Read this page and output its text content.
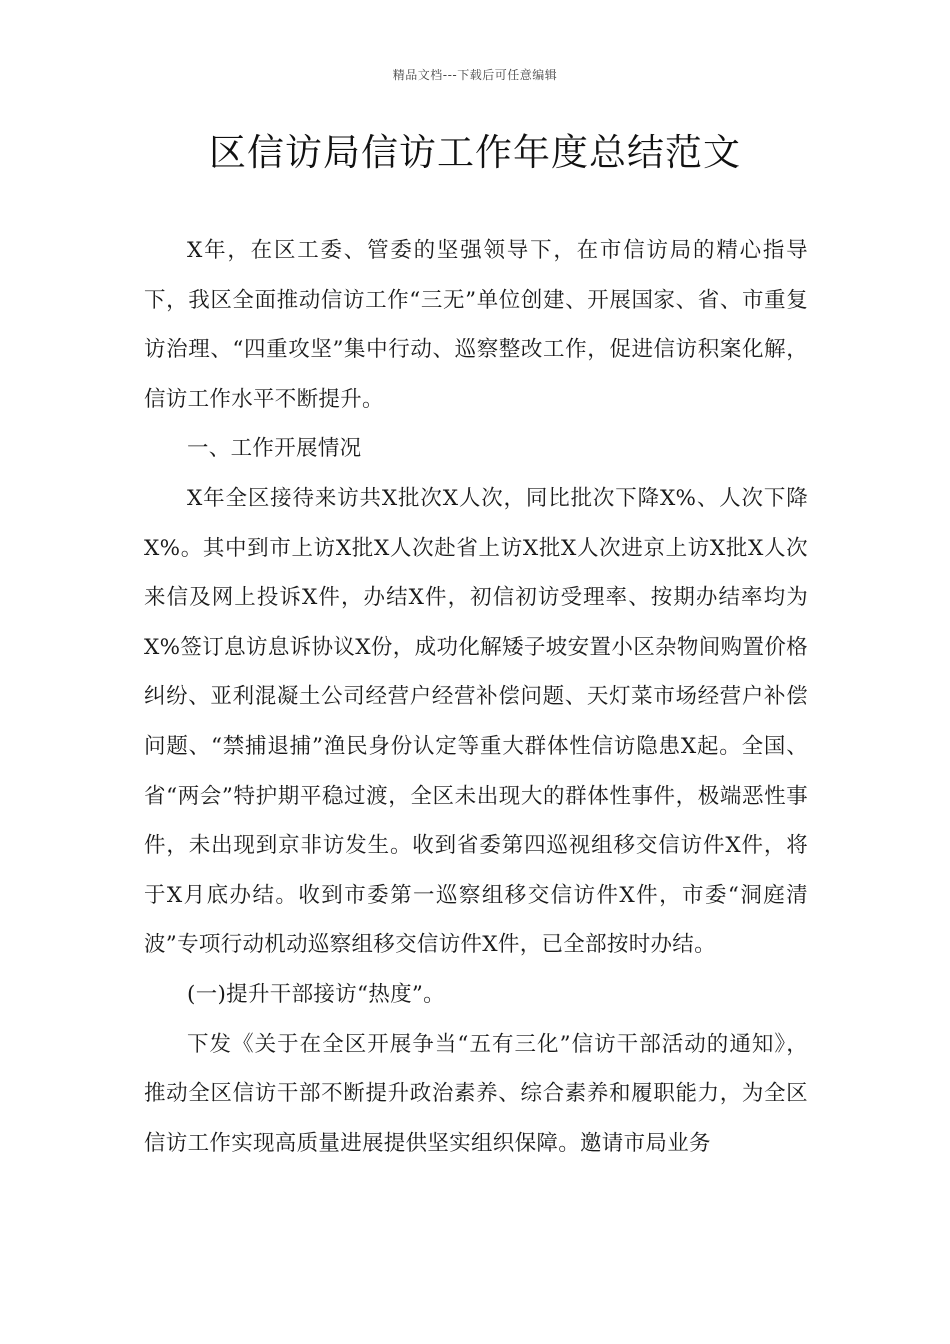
精品文档---下载后可任意编辑
区信访局信访工作年度总结范文

X年，在区工委、管委的坚强领导下，在市信访局的精心指导下，我区全面推动信访工作“三无”单位创建、开展国家、省、市重复访治理、“四重攻坚”集中行动、巡察整改工作，促进信访积案化解，信访工作水平不断提升。

一、工作开展情况

X年全区接待来访共X批次X人次，同比批次下降X%、人次下降X%。其中到市上访X批X人次赴省上访X批X人次进京上访X批X人次来信及网上投诉X件，办结X件，初信初访受理率、按期办结率均为X%签订息访息诉协议X份，成功化解矮子坡安置小区杂物间购置价格纠纷、亚利混凝土公司经营户经营补偿问题、天灯菜市场经营户补偿问题、“禁捕退捕”渔民身份认定等重大群体性信访隐患X起。全国、省“两会”特护期平稳过渡，全区未出现大的群体性事件，极端恶性事件，未出现到京非访发生。收到省委第四巡视组移交信访件X件，将于X月底办结。收到市委第一巡察组移交信访件X件，市委“洞庭清波”专项行动机动巡察组移交信访件X件，已全部按时办结。

(一)提升干部接访“热度”。

下发《关于在全区开展争当“五有三化”信访干部活动的通知》，推动全区信访干部不断提升政治素养、综合素养和履职能力，为全区信访工作实现高质量进展提供坚实组织保障。邀请市局业务
